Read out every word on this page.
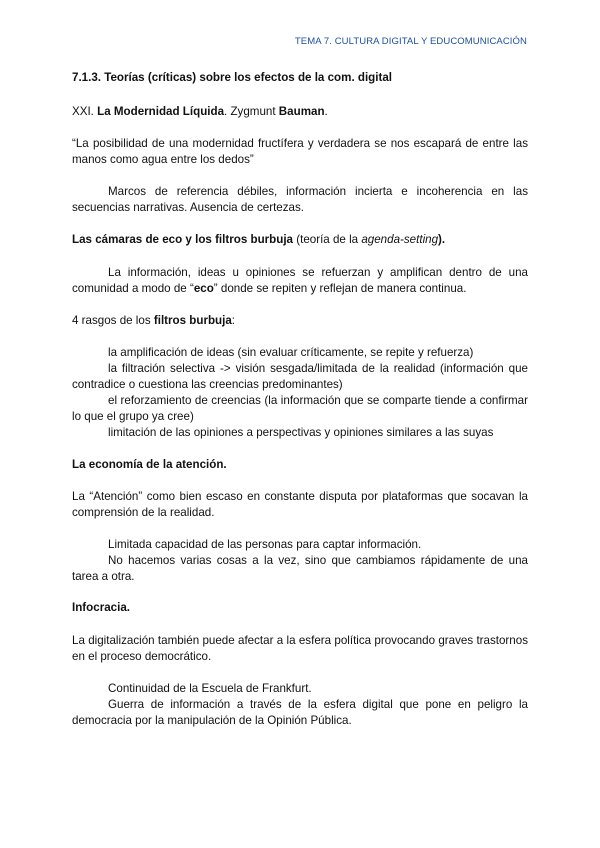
TEMA 7. CULTURA DIGITAL Y EDUCOMUNICACIÓN

7.1.3. Teorías (críticas) sobre los efectos de la com. digital

XXI. La Modernidad Líquida. Zygmunt Bauman.

“La posibilidad de una modernidad fructífera y verdadera se nos escapará de entre las manos como agua entre los dedos”

Marcos de referencia débiles, información incierta e incoherencia en las secuencias narrativas. Ausencia de certezas.

Las cámaras de eco y los filtros burbuja (teoría de la agenda-setting).

La información, ideas u opiniones se refuerzan y amplifican dentro de una comunidad a modo de “eco” donde se repiten y reflejan de manera continua.

4 rasgos de los filtros burbuja:

la amplificación de ideas (sin evaluar críticamente, se repite y refuerza)

la filtración selectiva -> visión sesgada/limitada de la realidad (información que contradice o cuestiona las creencias predominantes)

el reforzamiento de creencias (la información que se comparte tiende a confirmar lo que el grupo ya cree)

limitación de las opiniones a perspectivas y opiniones similares a las suyas

La economía de la atención.

La “Atención” como bien escaso en constante disputa por plataformas que socavan la comprensión de la realidad.

Limitada capacidad de las personas para captar información.

No hacemos varias cosas a la vez, sino que cambiamos rápidamente de una tarea a otra.

Infocracia.

La digitalización también puede afectar a la esfera política provocando graves trastornos en el proceso democrático.

Continuidad de la Escuela de Frankfurt.

Guerra de información a través de la esfera digital que pone en peligro la democracia por la manipulación de la Opinión Pública.
